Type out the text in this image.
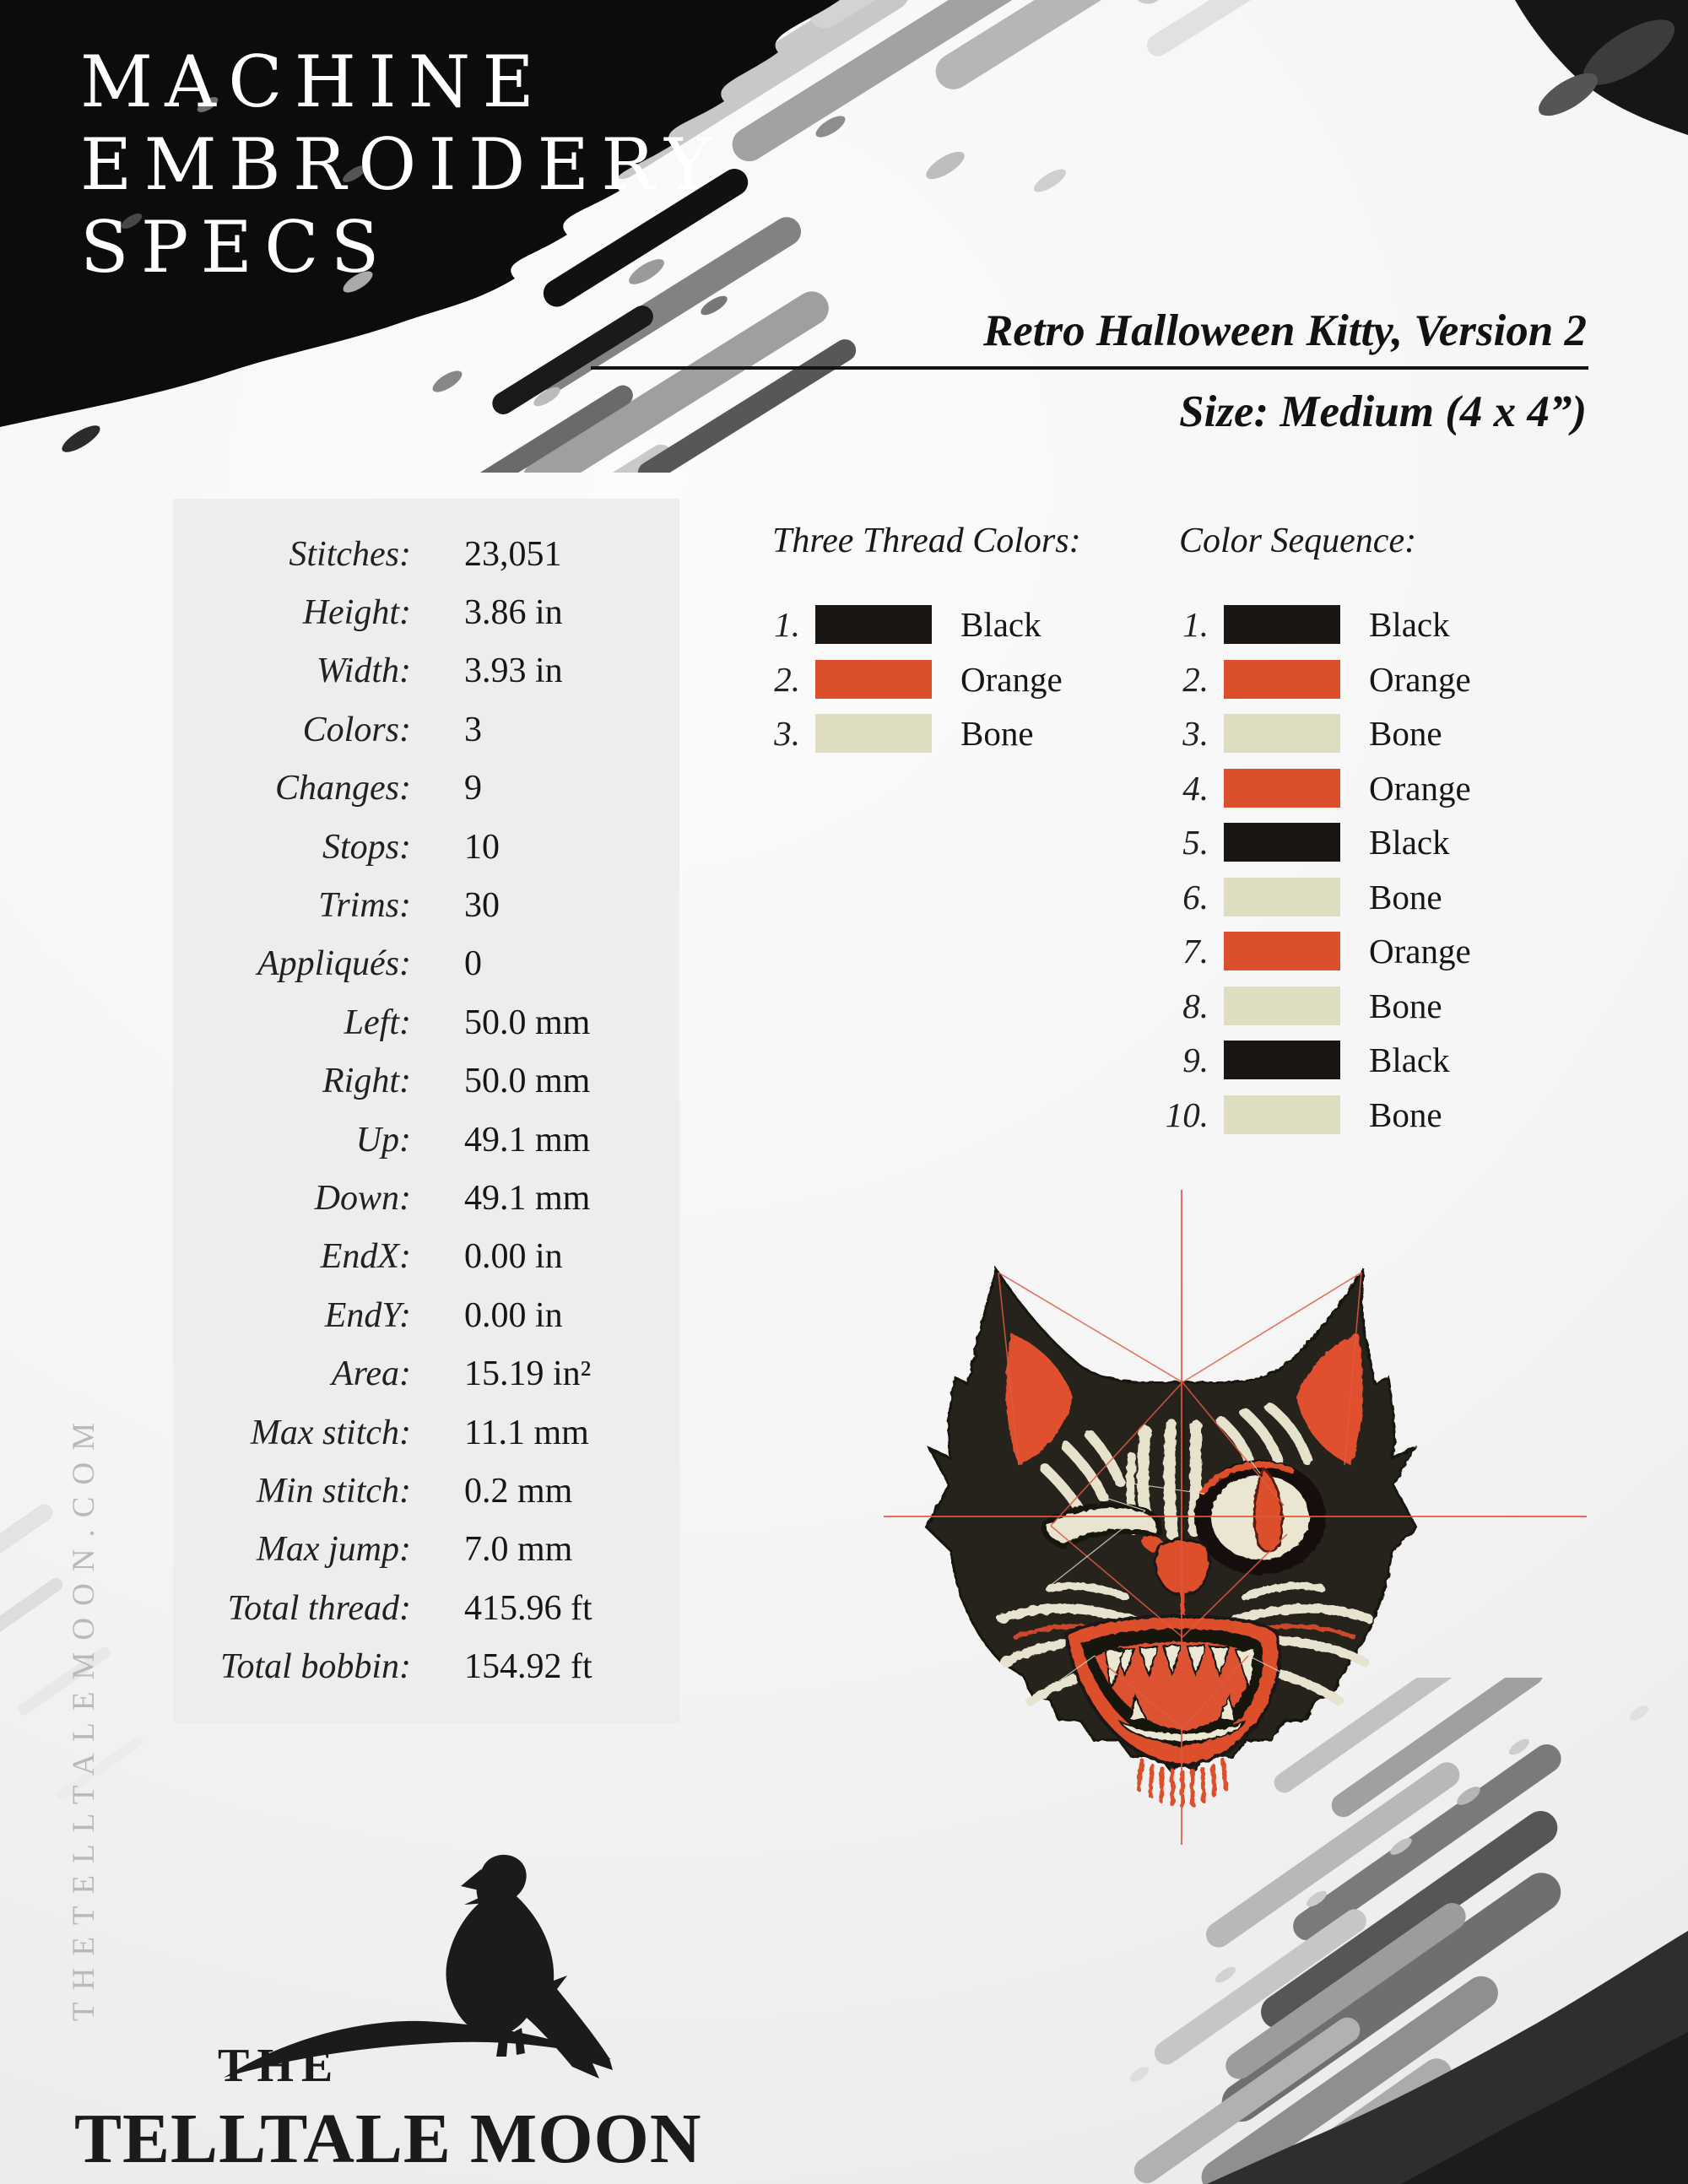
MACHINE
EMBROIDERY
SPECS
Retro Halloween Kitty, Version 2
Size: Medium (4 x 4”)
Stitches: 23,051
Height: 3.86 in
Width: 3.93 in
Colors: 3
Changes: 9
Stops: 10
Trims: 30
Appliqués: 0
Left: 50.0 mm
Right: 50.0 mm
Up: 49.1 mm
Down: 49.1 mm
EndX: 0.00 in
EndY: 0.00 in
Area: 15.19 in²
Max stitch: 11.1 mm
Min stitch: 0.2 mm
Max jump: 7.0 mm
Total thread: 415.96 ft
Total bobbin: 154.92 ft
Three Thread Colors:
1.	Black
2.	Orange
3.	Bone
Color Sequence:
1.	Black
2.	Orange
3.	Bone
4.	Orange
5.	Black
6.	Bone
7.	Orange
8.	Bone
9.	Black
10.	Bone
THETELLTALEMOON.COM
THE
TELLTALE MOON
